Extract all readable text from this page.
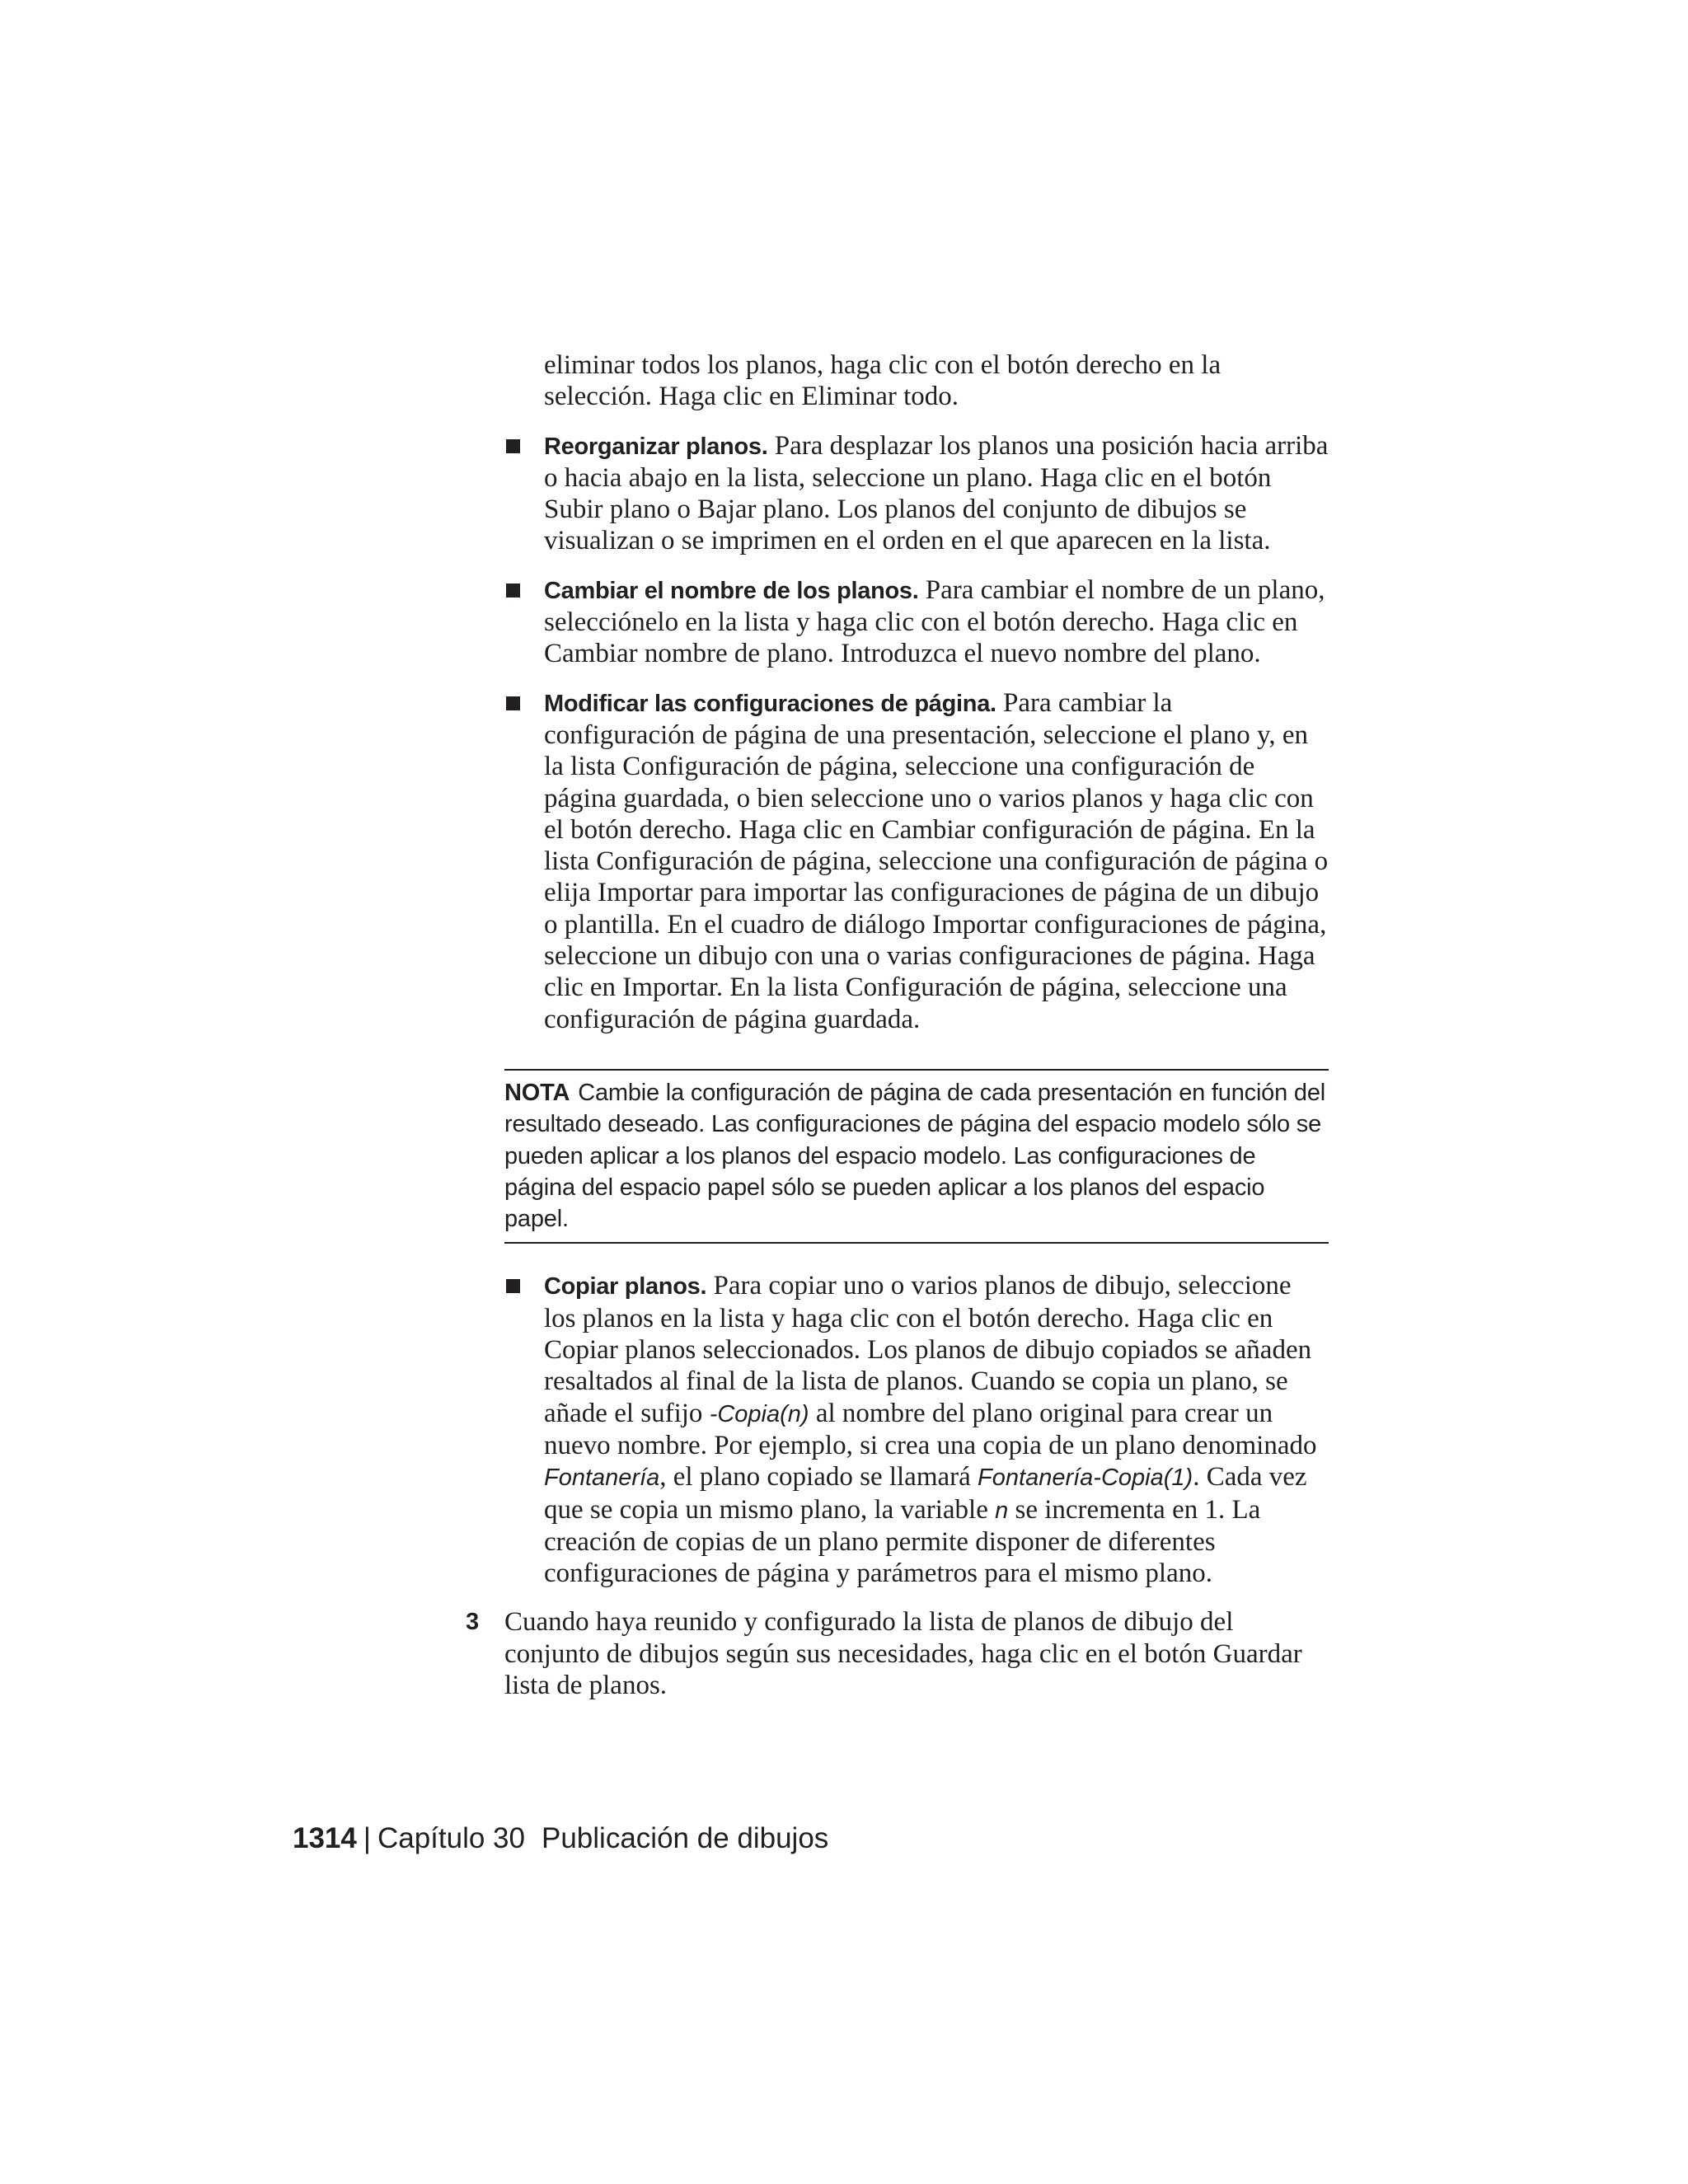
eliminar todos los planos, haga clic con el botón derecho en la selección. Haga clic en Eliminar todo.

Reorganizar planos. Para desplazar los planos una posición hacia arriba o hacia abajo en la lista, seleccione un plano. Haga clic en el botón Subir plano o Bajar plano. Los planos del conjunto de dibujos se visualizan o se imprimen en el orden en el que aparecen en la lista.
Cambiar el nombre de los planos. Para cambiar el nombre de un plano, selecciónelo en la lista y haga clic con el botón derecho. Haga clic en Cambiar nombre de plano. Introduzca el nuevo nombre del plano.
Modificar las configuraciones de página. Para cambiar la configuración de página de una presentación, seleccione el plano y, en la lista Configuración de página, seleccione una configuración de página guardada, o bien seleccione uno o varios planos y haga clic con el botón derecho. Haga clic en Cambiar configuración de página. En la lista Configuración de página, seleccione una configuración de página o elija Importar para importar las configuraciones de página de un dibujo o plantilla. En el cuadro de diálogo Importar configuraciones de página, seleccione un dibujo con una o varias configuraciones de página. Haga clic en Importar. En la lista Configuración de página, seleccione una configuración de página guardada.
NOTA Cambie la configuración de página de cada presentación en función del resultado deseado. Las configuraciones de página del espacio modelo sólo se pueden aplicar a los planos del espacio modelo. Las configuraciones de página del espacio papel sólo se pueden aplicar a los planos del espacio papel.
Copiar planos. Para copiar uno o varios planos de dibujo, seleccione los planos en la lista y haga clic con el botón derecho. Haga clic en Copiar planos seleccionados. Los planos de dibujo copiados se añaden resaltados al final de la lista de planos. Cuando se copia un plano, se añade el sufijo -Copia(n) al nombre del plano original para crear un nuevo nombre. Por ejemplo, si crea una copia de un plano denominado Fontanería, el plano copiado se llamará Fontanería-Copia(1). Cada vez que se copia un mismo plano, la variable n se incrementa en 1. La creación de copias de un plano permite disponer de diferentes configuraciones de página y parámetros para el mismo plano.
3 Cuando haya reunido y configurado la lista de planos de dibujo del conjunto de dibujos según sus necesidades, haga clic en el botón Guardar lista de planos.
1314 | Capítulo 30 Publicación de dibujos
